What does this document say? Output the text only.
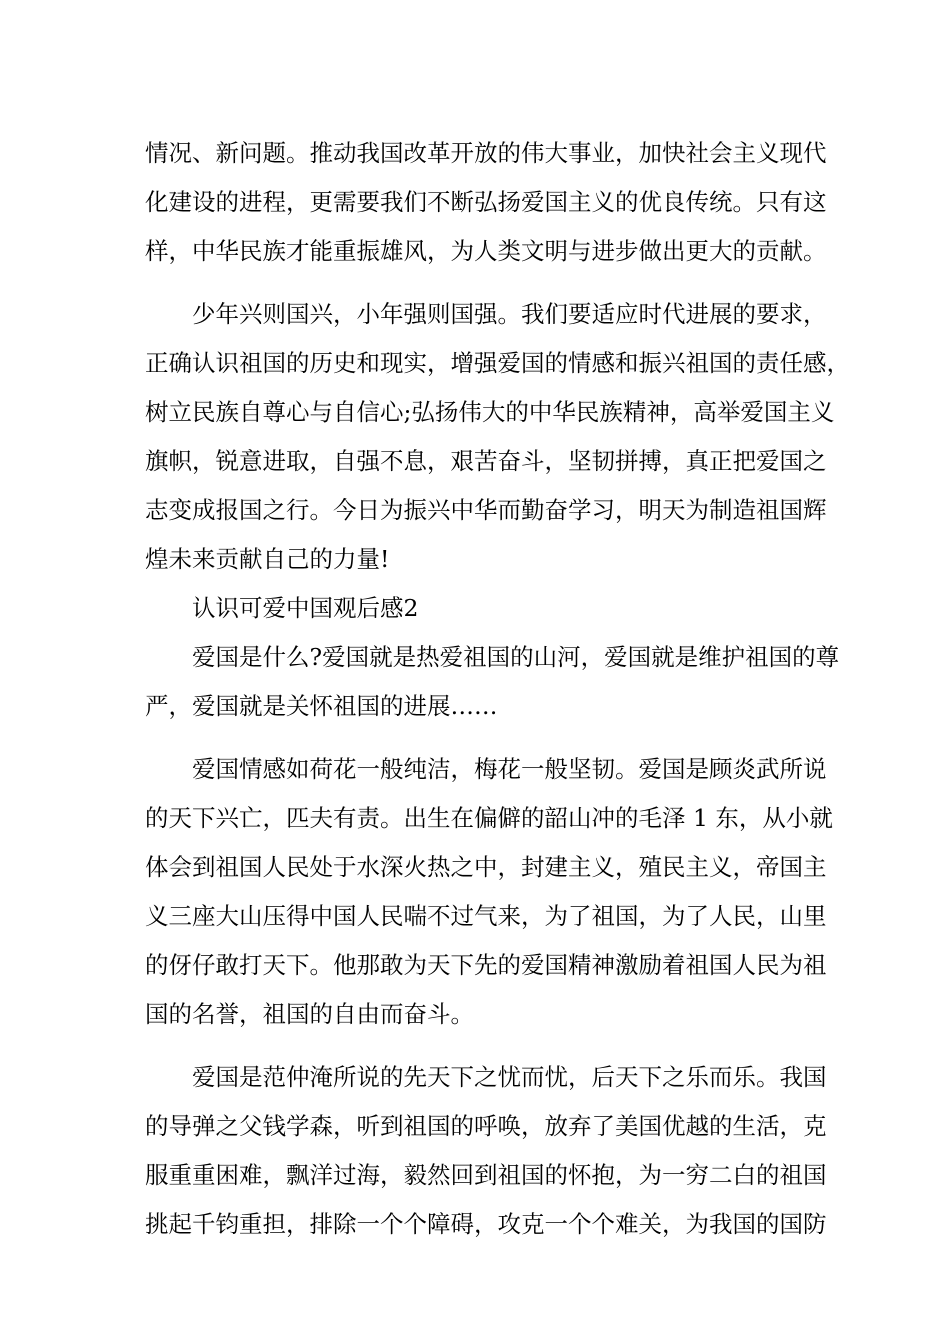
情况、新问题。推动我国改革开放的伟大事业，加快社会主义现代
化建设的进程，更需要我们不断弘扬爱国主义的优良传统。只有这
样，中华民族才能重振雄风，为人类文明与进步做出更大的贡献。
少年兴则国兴，小年强则国强。我们要适应时代进展的要求，
正确认识祖国的历史和现实，增强爱国的情感和振兴祖国的责任感，
树立民族自尊心与自信心;弘扬伟大的中华民族精神，高举爱国主义
旗帜，锐意进取，自强不息，艰苦奋斗，坚韧拼搏，真正把爱国之
志变成报国之行。今日为振兴中华而勤奋学习，明天为制造祖国辉
煌未来贡献自己的力量!
认识可爱中国观后感2
爱国是什么?爱国就是热爱祖国的山河，爱国就是维护祖国的尊
严，爱国就是关怀祖国的进展……
爱国情感如荷花一般纯洁，梅花一般坚韧。爱国是顾炎武所说
的天下兴亡，匹夫有责。出生在偏僻的韶山冲的毛泽 1 东，从小就
体会到祖国人民处于水深火热之中，封建主义，殖民主义，帝国主
义三座大山压得中国人民喘不过气来，为了祖国，为了人民，山里
的伢仔敢打天下。他那敢为天下先的爱国精神激励着祖国人民为祖
国的名誉，祖国的自由而奋斗。
爱国是范仲淹所说的先天下之忧而忧，后天下之乐而乐。我国
的导弹之父钱学森，听到祖国的呼唤，放弃了美国优越的生活，克
服重重困难，飘洋过海，毅然回到祖国的怀抱，为一穷二白的祖国
挑起千钧重担，排除一个个障碍，攻克一个个难关，为我国的国防
